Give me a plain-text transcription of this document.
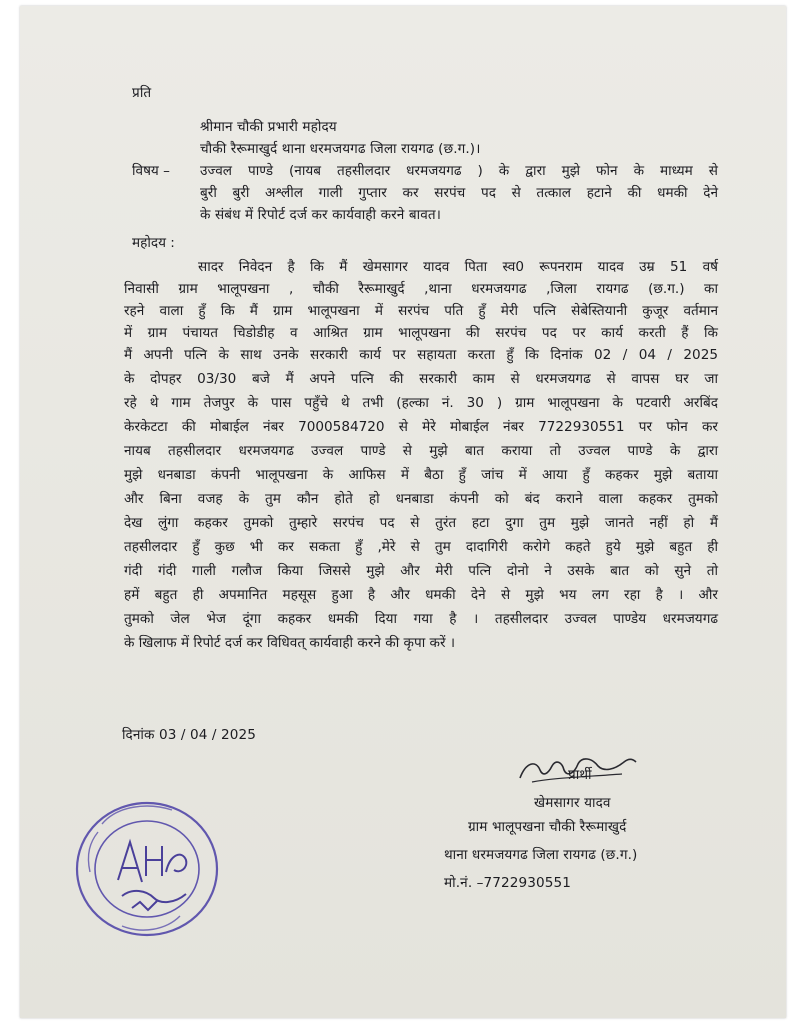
प्रति
श्रीमान चौकी प्रभारी महोदय
चौकी रैरूमाखुर्द थाना धरमजयगढ जिला रायगढ (छ.ग.)।
विषय – उज्वल पाण्डे (नायब तहसीलदार धरमजयगढ ) के द्वारा मुझे फोन के माध्यम से
बुरी बुरी अश्लील गाली गुप्तार कर सरपंच पद से तत्काल हटाने की धमकी देने
के संबंध में रिपोर्ट दर्ज कर कार्यवाही करने बावत।
महोदय :
सादर निवेदन है कि मैं खेमसागर यादव पिता स्व0 रूपनराम यादव उम्र 51 वर्ष
निवासी ग्राम भालूपखना , चौकी रैरूमाखुर्द ,थाना धरमजयगढ ,जिला रायगढ (छ.ग.) का
रहने वाला हुँ कि मैं ग्राम भालूपखना में सरपंच पति हुँ मेरी पत्नि सेबेस्तियानी कुजूर वर्तमान
में ग्राम पंचायत चिडोडीह व आश्रित ग्राम भालूपखना की सरपंच पद पर कार्य करती हैं कि
मैं अपनी पत्नि के साथ उनके सरकारी कार्य पर सहायता करता हुँ कि दिनांक 02 / 04 / 2025
के दोपहर 03/30 बजे मैं अपने पत्नि की सरकारी काम से धरमजयगढ से वापस घर जा
रहे थे गाम तेजपुर के पास पहुँचे थे तभी (हल्का नं. 30 ) ग्राम भालूपखना के पटवारी अरबिंद
केरकेटटा की मोबाईल नंबर 7000584720 से मेरे मोबाईल नंबर 7722930551 पर फोन कर
नायब तहसीलदार धरमजयगढ उज्वल पाण्डे से मुझे बात कराया तो उज्वल पाण्डे के द्वारा
मुझे धनबाडा कंपनी भालूपखना के आफिस में बैठा हुँ जांच में आया हुँ कहकर मुझे बताया
और बिना वजह के तुम कौन होते हो धनबाडा कंपनी को बंद कराने वाला कहकर तुमको
देख लुंगा कहकर तुमको तुम्हारे सरपंच पद से तुरंत हटा दुगा तुम मुझे जानते नहीं हो मैं
तहसीलदार हुँ कुछ भी कर सकता हुँ ,मेरे से तुम दादागिरी करोगे कहते हुये मुझे बहुत ही
गंदी गंदी गाली गलौज किया जिससे मुझे और मेरी पत्नि दोनो ने उसके बात को सुने तो
हमें बहुत ही अपमानित महसूस हुआ है और धमकी देने से मुझे भय लग रहा है । और
तुमको जेल भेज दूंगा कहकर धमकी दिया गया है । तहसीलदार उज्वल पाण्डेय धरमजयगढ
के खिलाफ में रिपोर्ट दर्ज कर विधिवत् कार्यवाही करने की कृपा करें ।
दिनांक 03 / 04 / 2025
प्रार्थी
खेमसागर यादव
ग्राम भालूपखना चौकी रैरूमाखुर्द
थाना धरमजयगढ जिला रायगढ (छ.ग.)
मो.नं. –7722930551
